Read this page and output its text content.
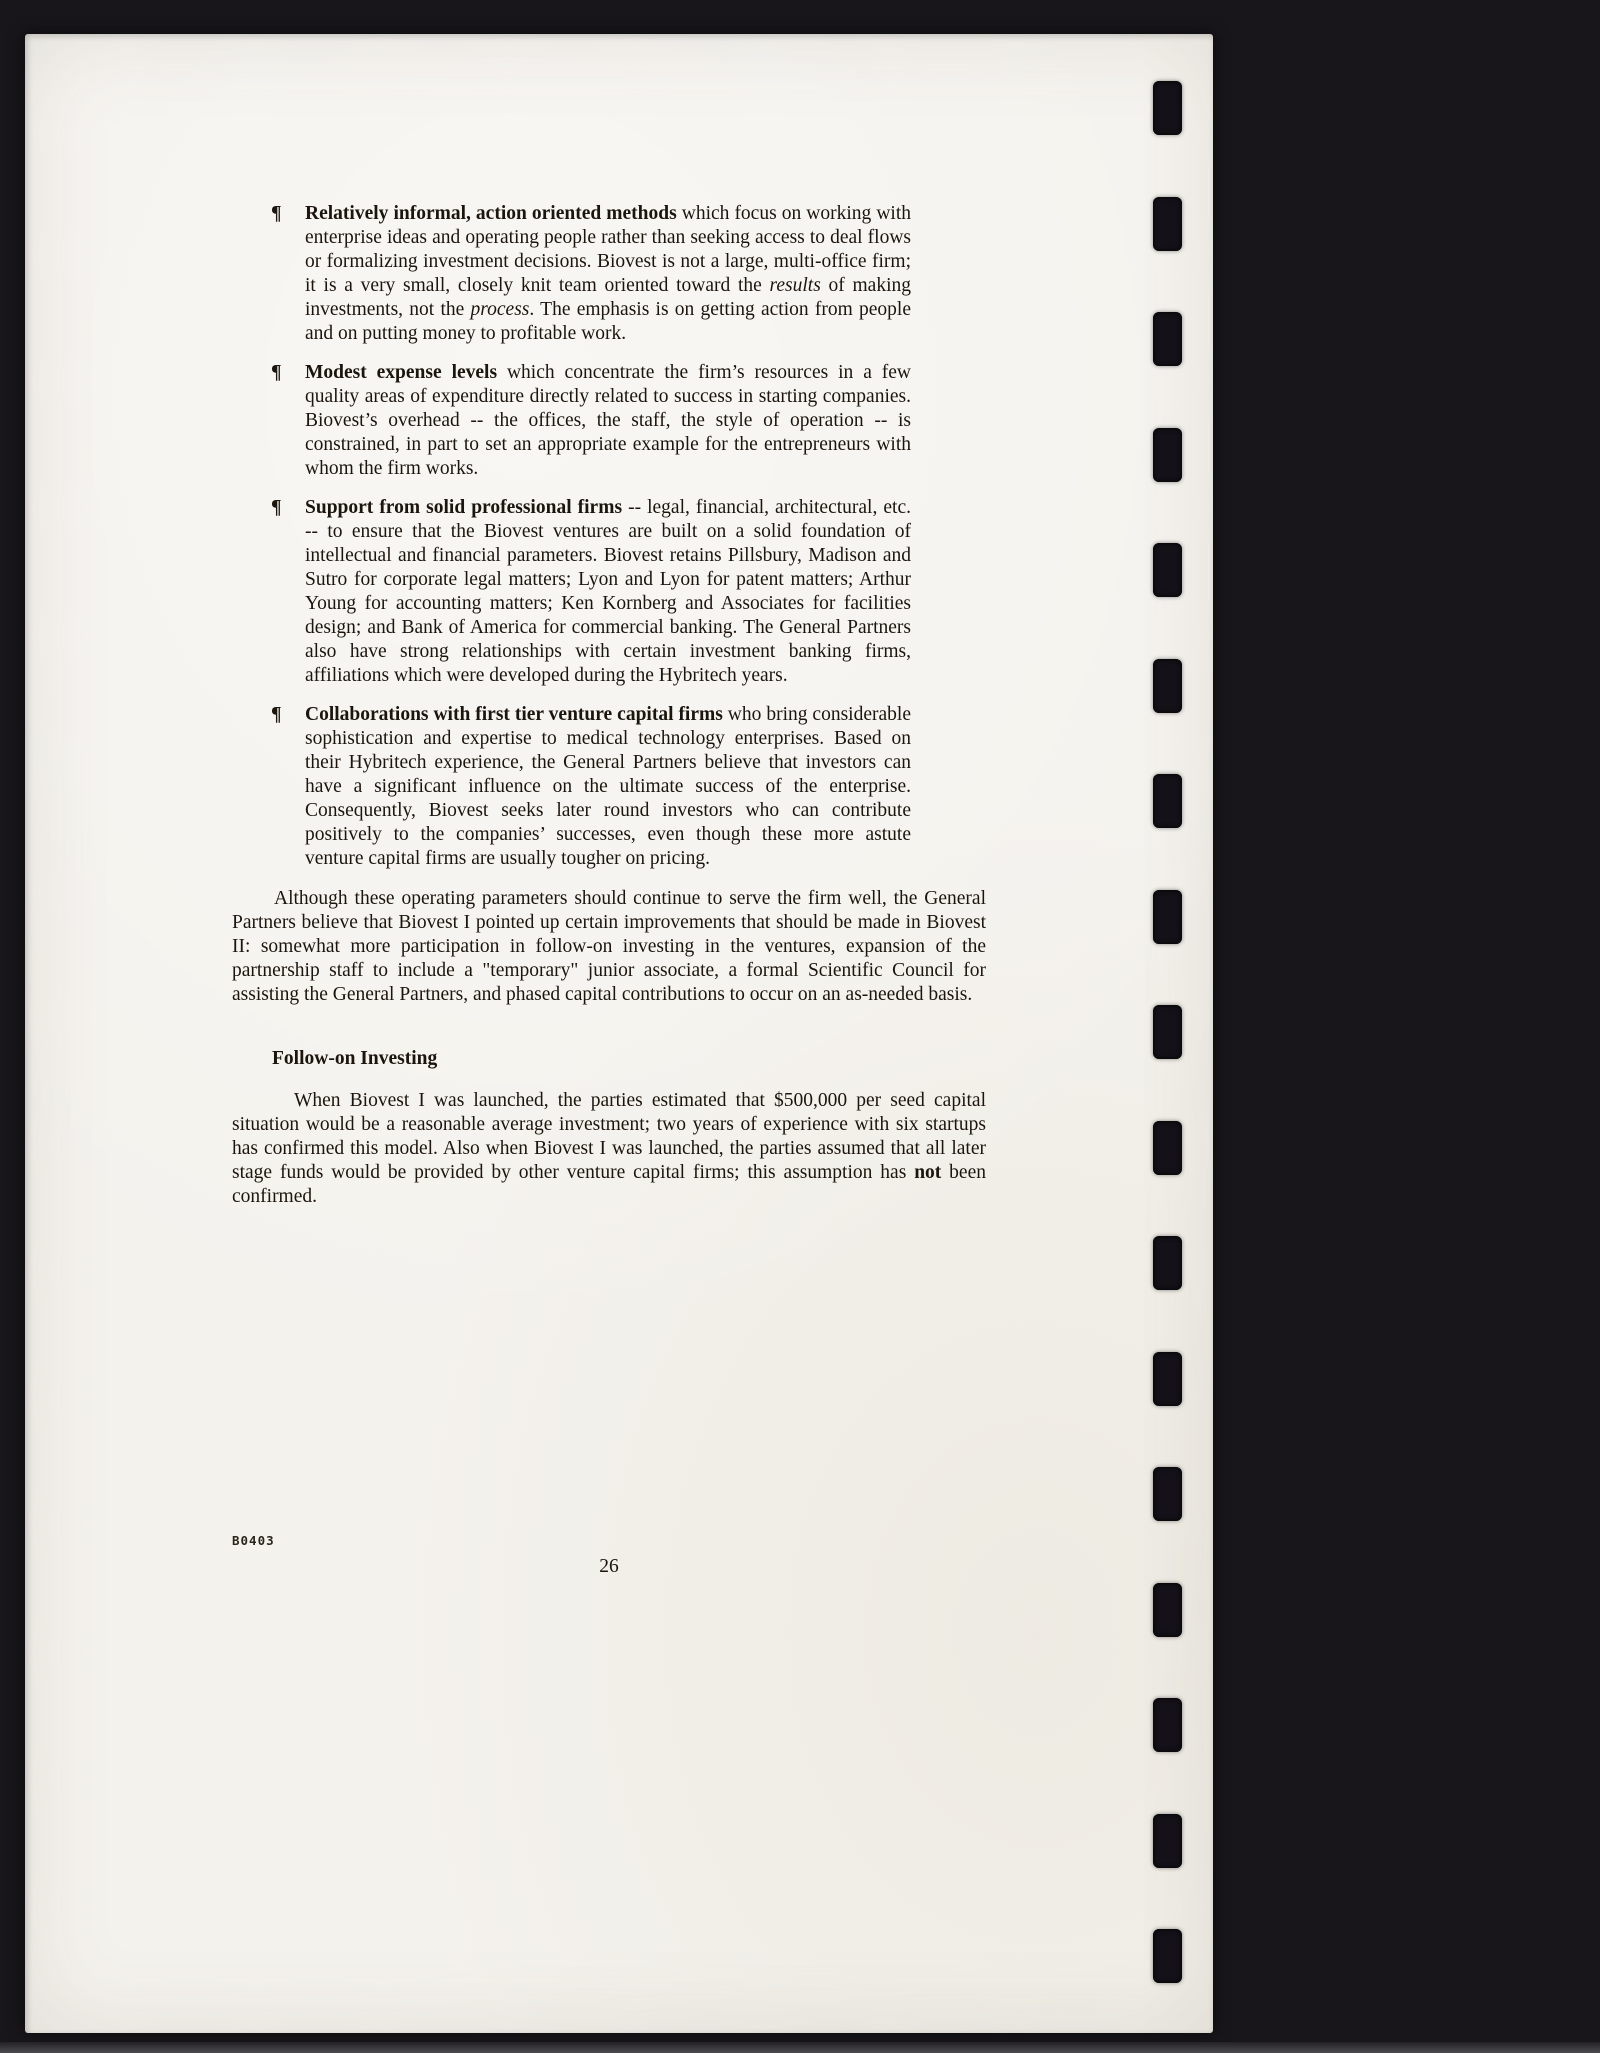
¶ Relatively informal, action oriented methods which focus on working with enterprise ideas and operating people rather than seeking access to deal flows or formalizing investment decisions. Biovest is not a large, multi-office firm; it is a very small, closely knit team oriented toward the results of making investments, not the process. The emphasis is on getting action from people and on putting money to profitable work.
¶ Modest expense levels which concentrate the firm’s resources in a few quality areas of expenditure directly related to success in starting companies. Biovest’s overhead -- the offices, the staff, the style of operation -- is constrained, in part to set an appropriate example for the entrepreneurs with whom the firm works.
¶ Support from solid professional firms -- legal, financial, architectural, etc. -- to ensure that the Biovest ventures are built on a solid foundation of intellectual and financial parameters. Biovest retains Pillsbury, Madison and Sutro for corporate legal matters; Lyon and Lyon for patent matters; Arthur Young for accounting matters; Ken Kornberg and Associates for facilities design; and Bank of America for commercial banking. The General Partners also have strong relationships with certain investment banking firms, affiliations which were developed during the Hybritech years.
¶ Collaborations with first tier venture capital firms who bring considerable sophistication and expertise to medical technology enterprises. Based on their Hybritech experience, the General Partners believe that investors can have a significant influence on the ultimate success of the enterprise. Consequently, Biovest seeks later round investors who can contribute positively to the companies’ successes, even though these more astute venture capital firms are usually tougher on pricing.

Although these operating parameters should continue to serve the firm well, the General Partners believe that Biovest I pointed up certain improvements that should be made in Biovest II: somewhat more participation in follow-on investing in the ventures, expansion of the partnership staff to include a "temporary" junior associate, a formal Scientific Council for assisting the General Partners, and phased capital contributions to occur on an as-needed basis.

Follow-on Investing

When Biovest I was launched, the parties estimated that $500,000 per seed capital situation would be a reasonable average investment; two years of experience with six startups has confirmed this model. Also when Biovest I was launched, the parties assumed that all later stage funds would be provided by other venture capital firms; this assumption has not been confirmed.

B0403
26
